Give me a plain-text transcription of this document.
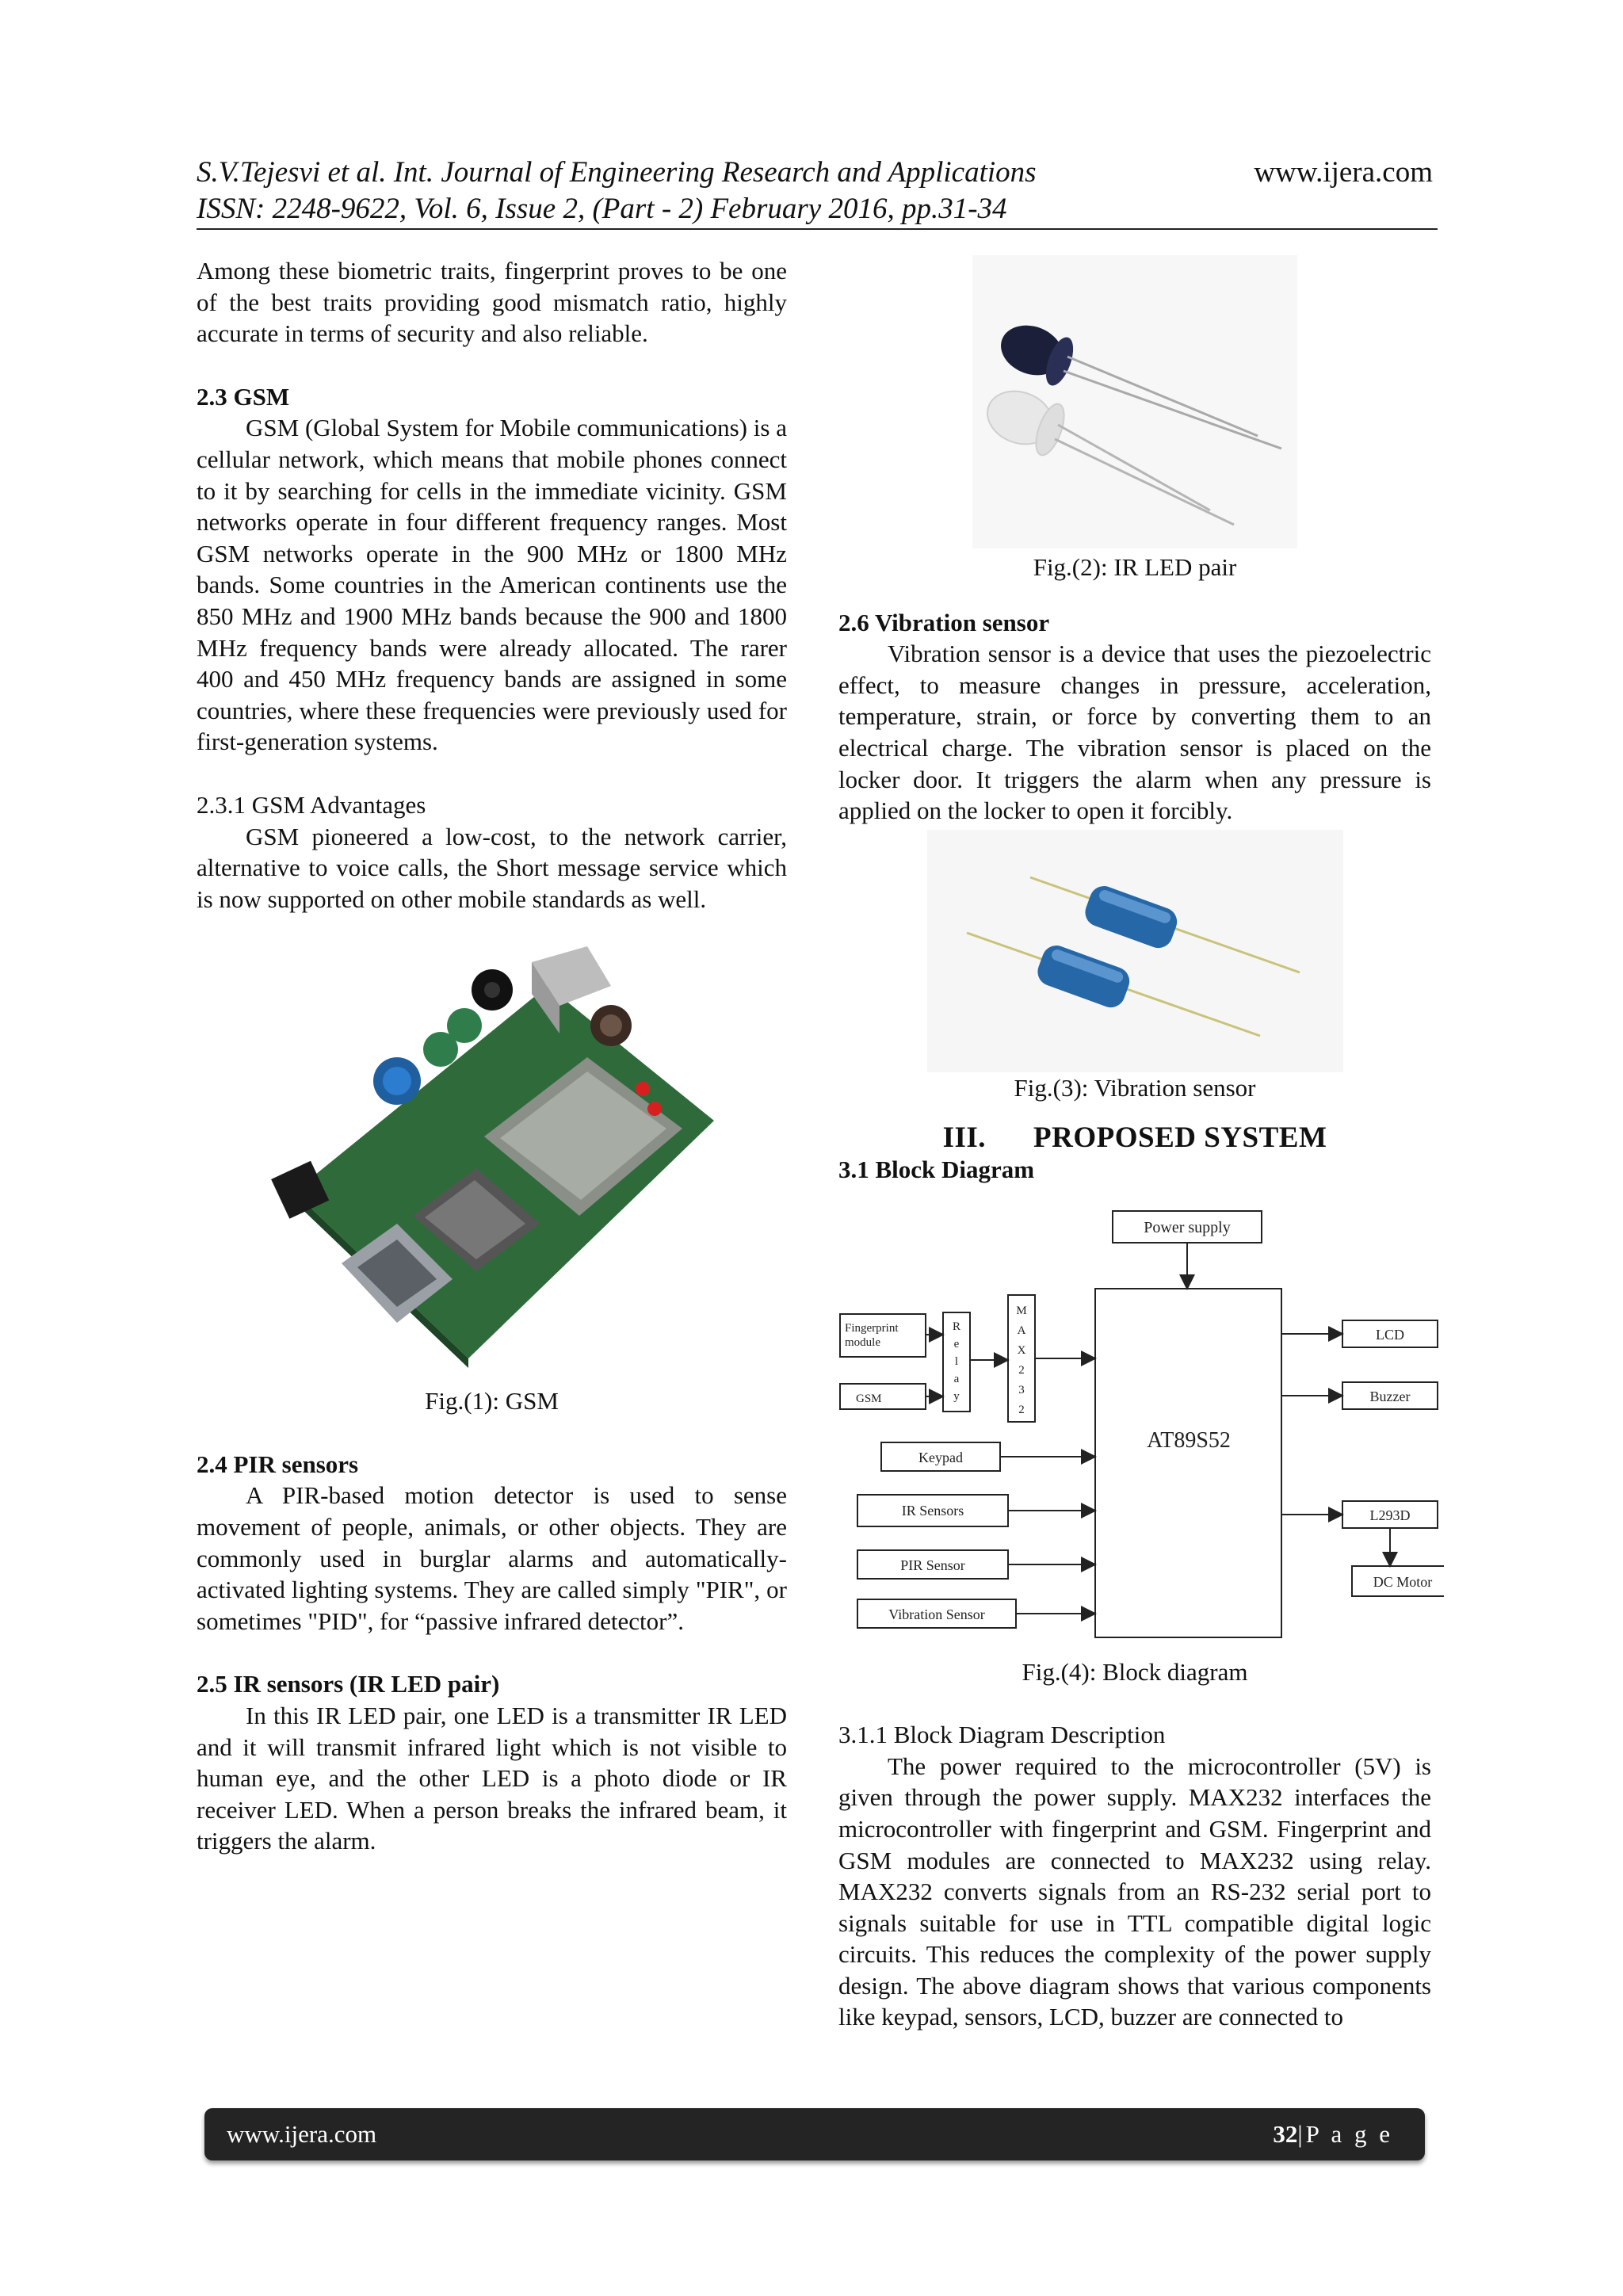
S.V.Tejesvi et al. Int. Journal of Engineering Research and Applications	www.ijera.com
ISSN: 2248-9622, Vol. 6, Issue 2, (Part - 2) February 2016, pp.31-34

Among these biometric traits, fingerprint proves to be one of the best traits providing good mismatch ratio, highly accurate in terms of security and also reliable.

2.3 GSM

GSM (Global System for Mobile communications) is a cellular network, which means that mobile phones connect to it by searching for cells in the immediate vicinity. GSM networks operate in four different frequency ranges. Most GSM networks operate in the 900 MHz or 1800 MHz bands. Some countries in the American continents use the 850 MHz and 1900 MHz bands because the 900 and 1800 MHz frequency bands were already allocated. The rarer 400 and 450 MHz frequency bands are assigned in some countries, where these frequencies were previously used for first-generation systems.

2.3.1 GSM Advantages

GSM pioneered a low-cost, to the network carrier, alternative to voice calls, the Short message service which is now supported on other mobile standards as well.

Fig.(1): GSM
2.4 PIR sensors

A PIR-based motion detector is used to sense movement of people, animals, or other objects. They are commonly used in burglar alarms and automatically-activated lighting systems. They are called simply "PIR", or sometimes "PID", for “passive infrared detector”.

2.5 IR sensors (IR LED pair)

In this IR LED pair, one LED is a transmitter IR LED and it will transmit infrared light which is not visible to human eye, and the other LED is a photo diode or IR receiver LED. When a person breaks the infrared beam, it triggers the alarm.

Fig.(2): IR LED pair
2.6 Vibration sensor

Vibration sensor is a device that uses the piezoelectric effect, to measure changes in pressure, acceleration, temperature, strain, or force by converting them to an electrical charge. The vibration sensor is placed on the locker door. It triggers the alarm when any pressure is applied on the locker to open it forcibly.

Fig.(3): Vibration sensor
III. PROPOSED SYSTEM
3.1 Block Diagram
Power supply
AT89S52
Fingerprint
module
GSM
Keypad
IR Sensors
PIR Sensor
Vibration Sensor
LCD
Buzzer
L293D
DC Motor
R e l a y
M A X 2 3 2
Fig.(4): Block diagram
3.1.1 Block Diagram Description

The power required to the microcontroller (5V) is given through the power supply. MAX232 interfaces the microcontroller with fingerprint and GSM. Fingerprint and GSM modules are connected to MAX232 using relay. MAX232 converts signals from an RS-232 serial port to signals suitable for use in TTL compatible digital logic circuits. This reduces the complexity of the power supply design. The above diagram shows that various components like keypad, sensors, LCD, buzzer are connected to

www.ijera.com	32|P a g e
